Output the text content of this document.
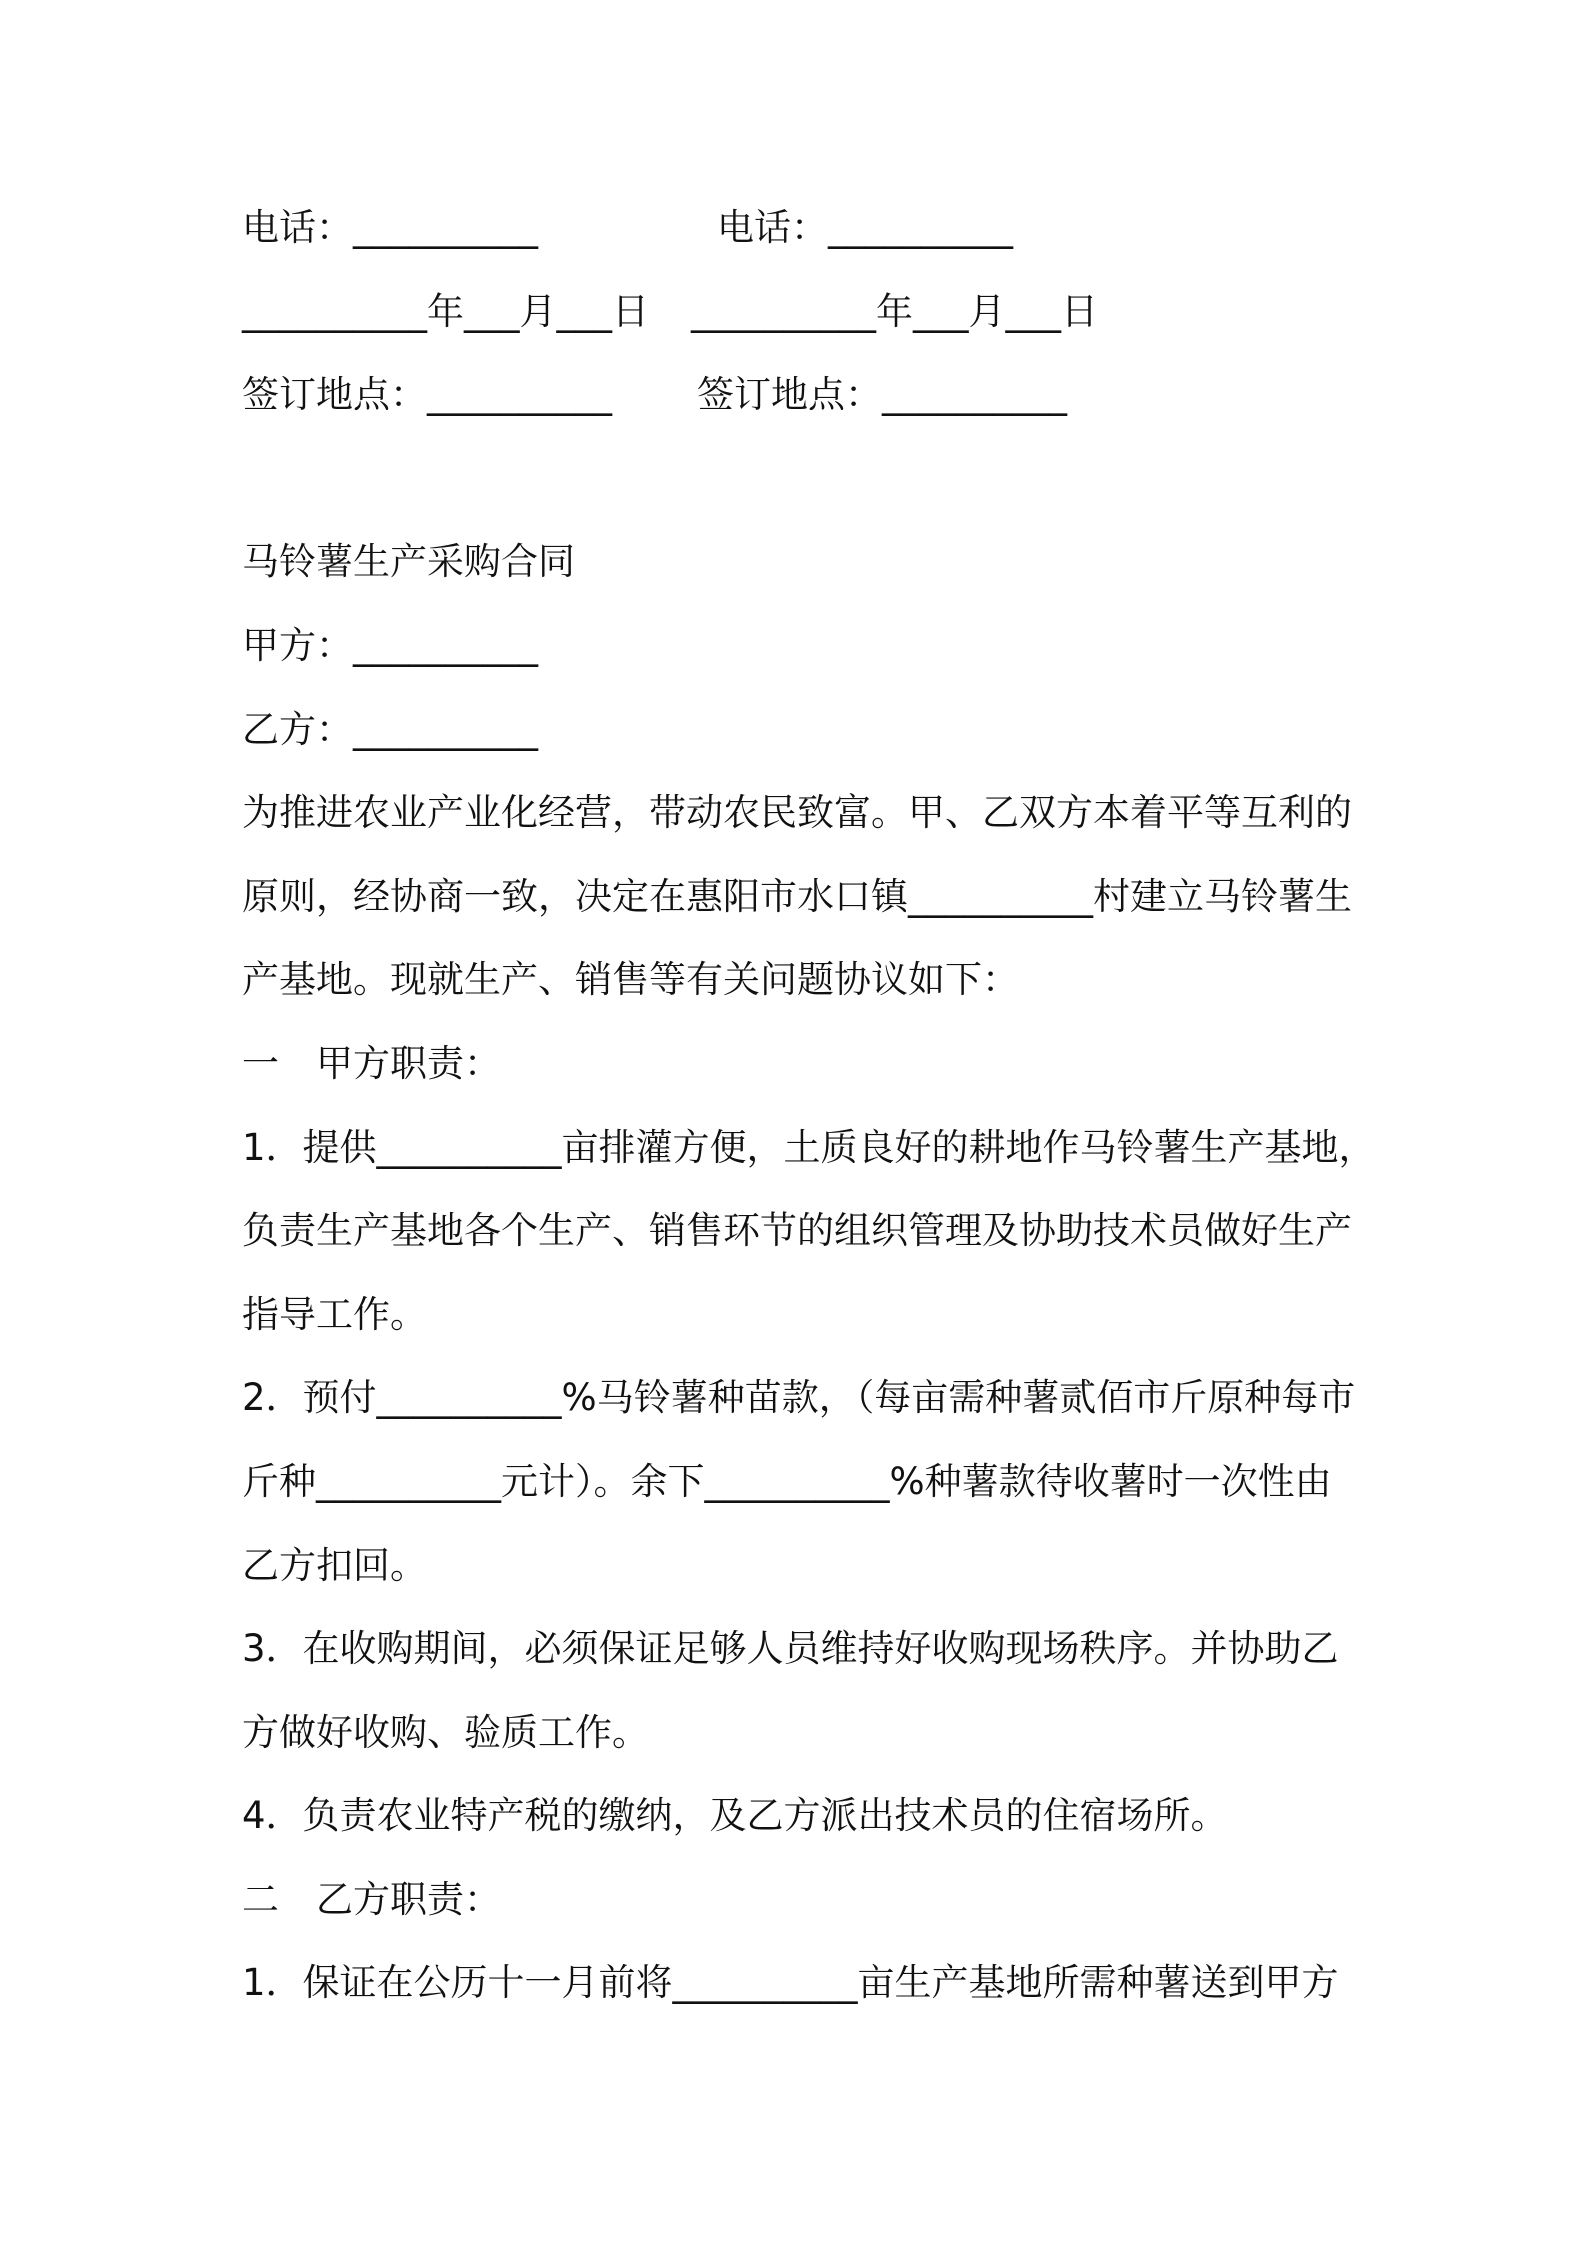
电话：__________	电话：__________
__________年___月___日 __________年___月___日
签订地点：__________ 签订地点：__________
马铃薯生产采购合同
甲方：__________
乙方：__________
为推进农业产业化经营，带动农民致富。甲、乙双方本着平等互利的
原则，经协商一致，决定在惠阳市水口镇__________村建立马铃薯生
产基地。现就生产、销售等有关问题协议如下：
一　甲方职责：
1．提供__________亩排灌方便，土质良好的耕地作马铃薯生产基地，
负责生产基地各个生产、销售环节的组织管理及协助技术员做好生产
指导工作。
2．预付__________%马铃薯种苗款，（每亩需种薯贰佰市斤原种每市
斤种__________元计）。余下__________%种薯款待收薯时一次性由
乙方扣回。
3．在收购期间，必须保证足够人员维持好收购现场秩序。并协助乙
方做好收购、验质工作。
4．负责农业特产税的缴纳，及乙方派出技术员的住宿场所。
二　乙方职责：
1．保证在公历十一月前将__________亩生产基地所需种薯送到甲方
